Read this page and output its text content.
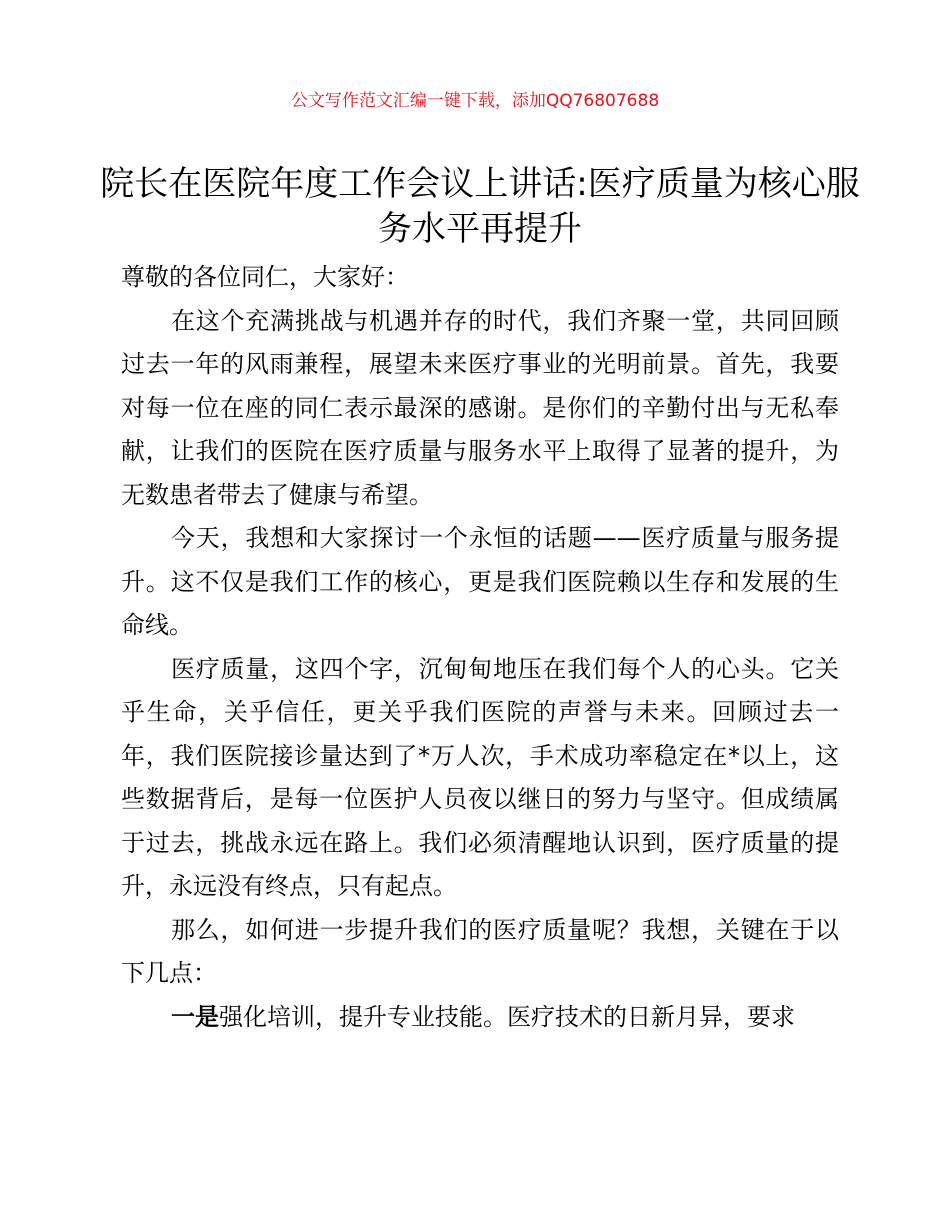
公文写作范文汇编一键下载，添加QQ76807688
院长在医院年度工作会议上讲话:医疗质量为核心服务水平再提升

尊敬的各位同仁，大家好：

在这个充满挑战与机遇并存的时代，我们齐聚一堂，共同回顾过去一年的风雨兼程，展望未来医疗事业的光明前景。首先，我要对每一位在座的同仁表示最深的感谢。是你们的辛勤付出与无私奉献，让我们的医院在医疗质量与服务水平上取得了显著的提升，为无数患者带去了健康与希望。

今天，我想和大家探讨一个永恒的话题——医疗质量与服务提升。这不仅是我们工作的核心，更是我们医院赖以生存和发展的生命线。

医疗质量，这四个字，沉甸甸地压在我们每个人的心头。它关乎生命，关乎信任，更关乎我们医院的声誉与未来。回顾过去一年，我们医院接诊量达到了*万人次，手术成功率稳定在*以上，这些数据背后，是每一位医护人员夜以继日的努力与坚守。但成绩属于过去，挑战永远在路上。我们必须清醒地认识到，医疗质量的提升，永远没有终点，只有起点。

那么，如何进一步提升我们的医疗质量呢？我想，关键在于以下几点：

一是强化培训，提升专业技能。医疗技术的日新月异，要求
